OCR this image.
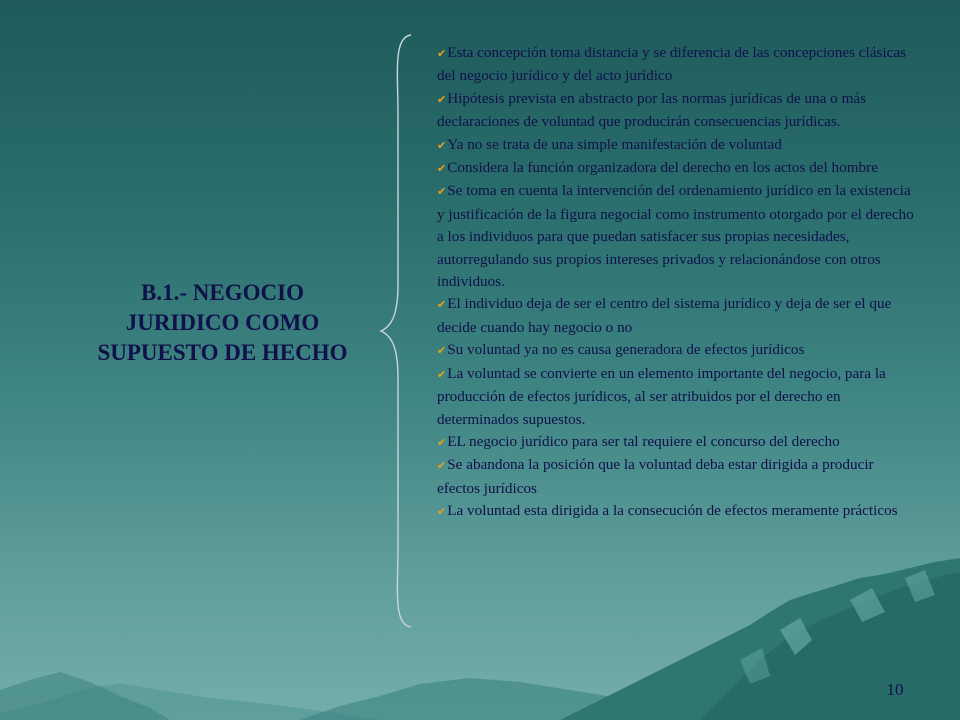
B.1.- NEGOCIO JURIDICO COMO SUPUESTO DE HECHO
✔Esta concepción toma distancia y se diferencia de las concepciones clásicas del negocio jurídico y del acto jurídico
✔Hipótesis prevista en abstracto por las normas jurídicas de una o más declaraciones de voluntad que producirán consecuencias jurídicas.
✔Ya no se trata de una simple manifestación de voluntad
✔Considera la función organizadora del derecho en los actos del hombre
✔Se toma en cuenta la intervención del ordenamiento jurídico en la existencia y justificación de la figura negocial como instrumento otorgado por el derecho a los individuos para que puedan satisfacer sus propias necesidades, autorregulando sus propios intereses privados y relacionándose con otros individuos.
✔El individuo deja de ser el centro del sistema jurídico y deja de ser el que decide cuando hay negocio o no
✔Su voluntad ya no es causa generadora de efectos jurídicos
✔La voluntad se convierte en un elemento importante del negocio, para la producción de efectos jurídicos, al ser atribuidos por el derecho en determinados supuestos.
✔EL negocio jurídico para ser tal requiere el concurso del derecho
✔Se abandona la posición que la voluntad deba estar dirigida a producir efectos jurídicos
✔La voluntad esta dirigida a la consecución de efectos meramente prácticos
10
